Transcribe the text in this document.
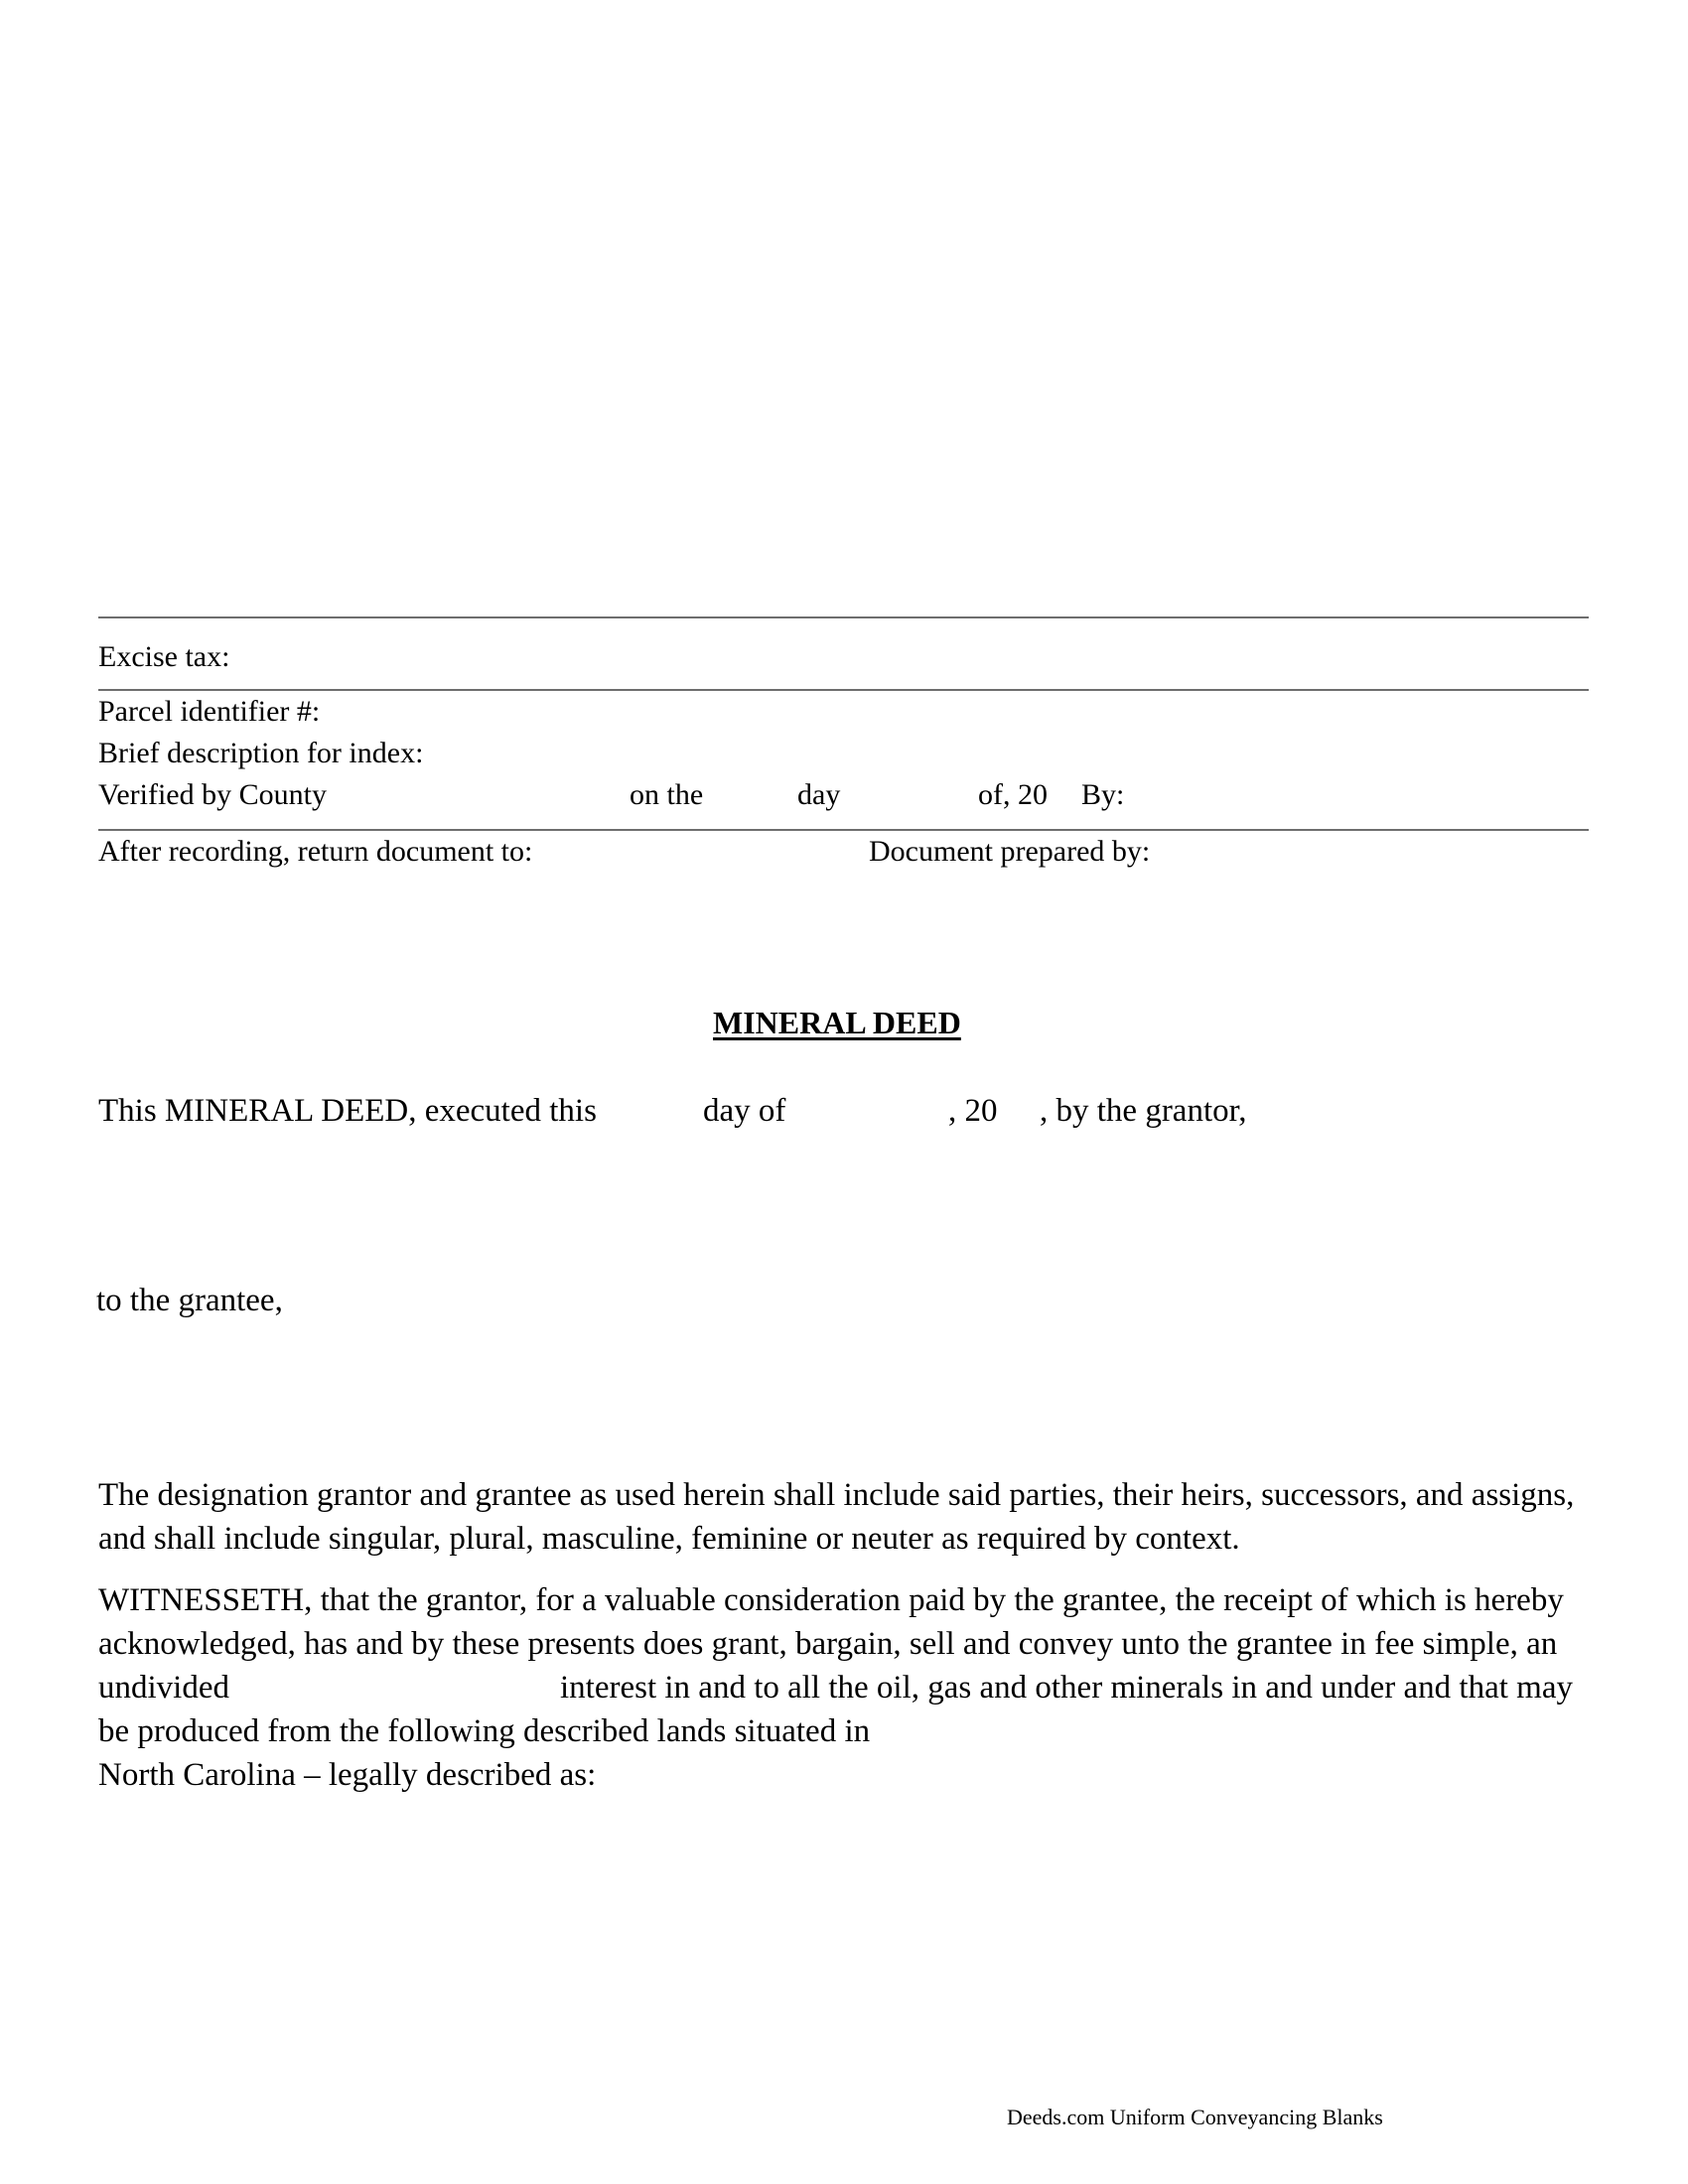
Excise tax:
Parcel identifier #:
Brief description for index:
Verified by County	on the	day	of, 20 By:
After recording, return document to:	Document prepared by:
MINERAL DEED
This MINERAL DEED, executed this	day of	, 20 , by the grantor,
to the grantee,
The designation grantor and grantee as used herein shall include said parties, their heirs, successors, and assigns,
and shall include singular, plural, masculine, feminine or neuter as required by context.
WITNESSETH, that the grantor, for a valuable consideration paid by the grantee, the receipt of which is hereby
acknowledged, has and by these presents does grant, bargain, sell and convey unto the grantee in fee simple, an
undivided	interest in and to all the oil, gas and other minerals in and under and that may
be produced from the following described lands situated in
North Carolina – legally described as:
Deeds.com Uniform Conveyancing Blanks
